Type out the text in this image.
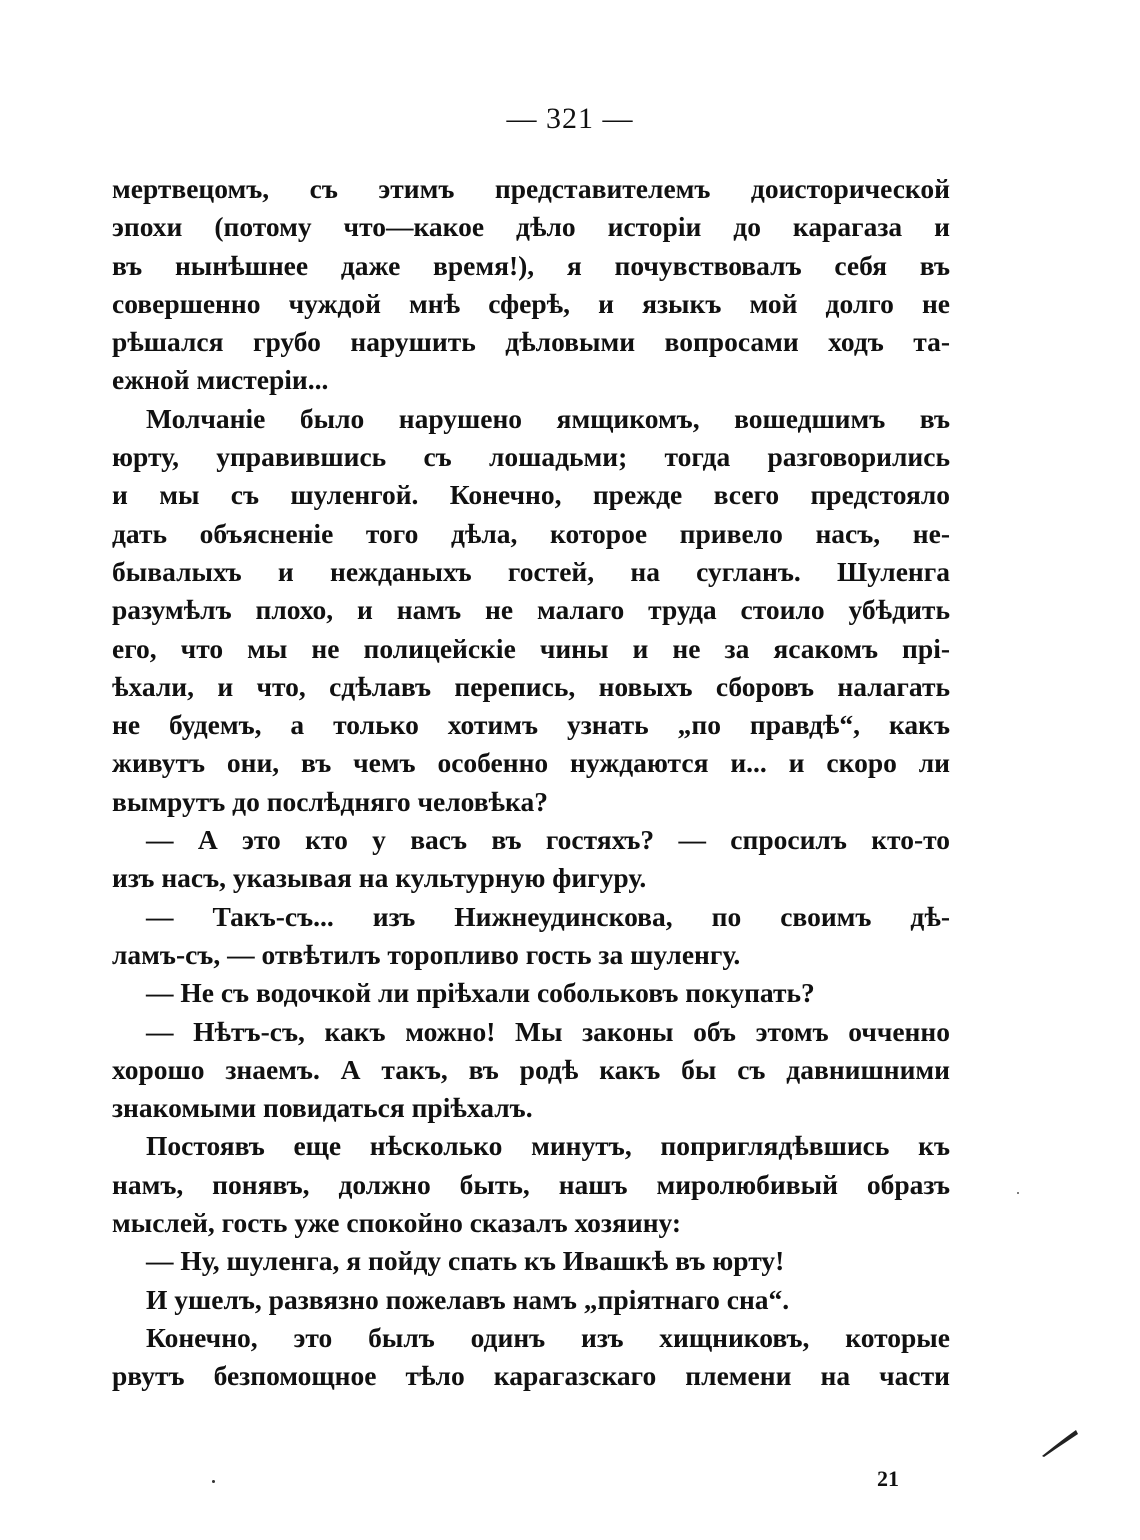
— 321 —
мертвецомъ, съ этимъ представителемъ доисторической
эпохи (потому что—какое дѣло исторіи до карагаза и
въ нынѣшнее даже время!), я почувствовалъ себя въ
совершенно чуждой мнѣ сферѣ, и языкъ мой долго не
рѣшался грубо нарушить дѣловыми вопросами ходъ та-
ежной мистеріи...
Молчаніе было нарушено ямщикомъ, вошедшимъ въ
юрту, управившись съ лошадьми; тогда разговорились
и мы съ шуленгой. Конечно, прежде всего предстояло
дать объясненіе того дѣла, которое привело насъ, не-
бывалыхъ и нежданыхъ гостей, на сугланъ. Шуленга
разумѣлъ плохо, и намъ не малаго труда стоило убѣдить
его, что мы не полицейскіе чины и не за ясакомъ прі-
ѣхали, и что, сдѣлавъ перепись, новыхъ сборовъ налагать
не будемъ, а только хотимъ узнать „по правдѣ“, какъ
живутъ они, въ чемъ особенно нуждаются и... и скоро ли
вымрутъ до послѣдняго человѣка?
— А это кто у васъ въ гостяхъ? — спросилъ кто-то
изъ насъ, указывая на культурную фигуру.
— Такъ-съ... изъ Нижнеудинскова, по своимъ дѣ-
ламъ-съ, — отвѣтилъ торопливо гость за шуленгу.
— Не съ водочкой ли пріѣхали собольковъ покупать?
— Нѣтъ-съ, какъ можно! Мы законы объ этомъ очченно
хорошо знаемъ. А такъ, въ родѣ какъ бы съ давнишними
знакомыми повидаться пріѣхалъ.
Постоявъ еще нѣсколько минутъ, поприглядѣвшись къ
намъ, понявъ, должно быть, нашъ миролюбивый образъ
мыслей, гость уже спокойно сказалъ хозяину:
— Ну, шуленга, я пойду спать къ Ивашкѣ въ юрту!
И ушелъ, развязно пожелавъ намъ „пріятнаго сна“.
Конечно, это былъ одинъ изъ хищниковъ, которые
рвутъ безпомощное тѣло карагазскаго племени на части
21
